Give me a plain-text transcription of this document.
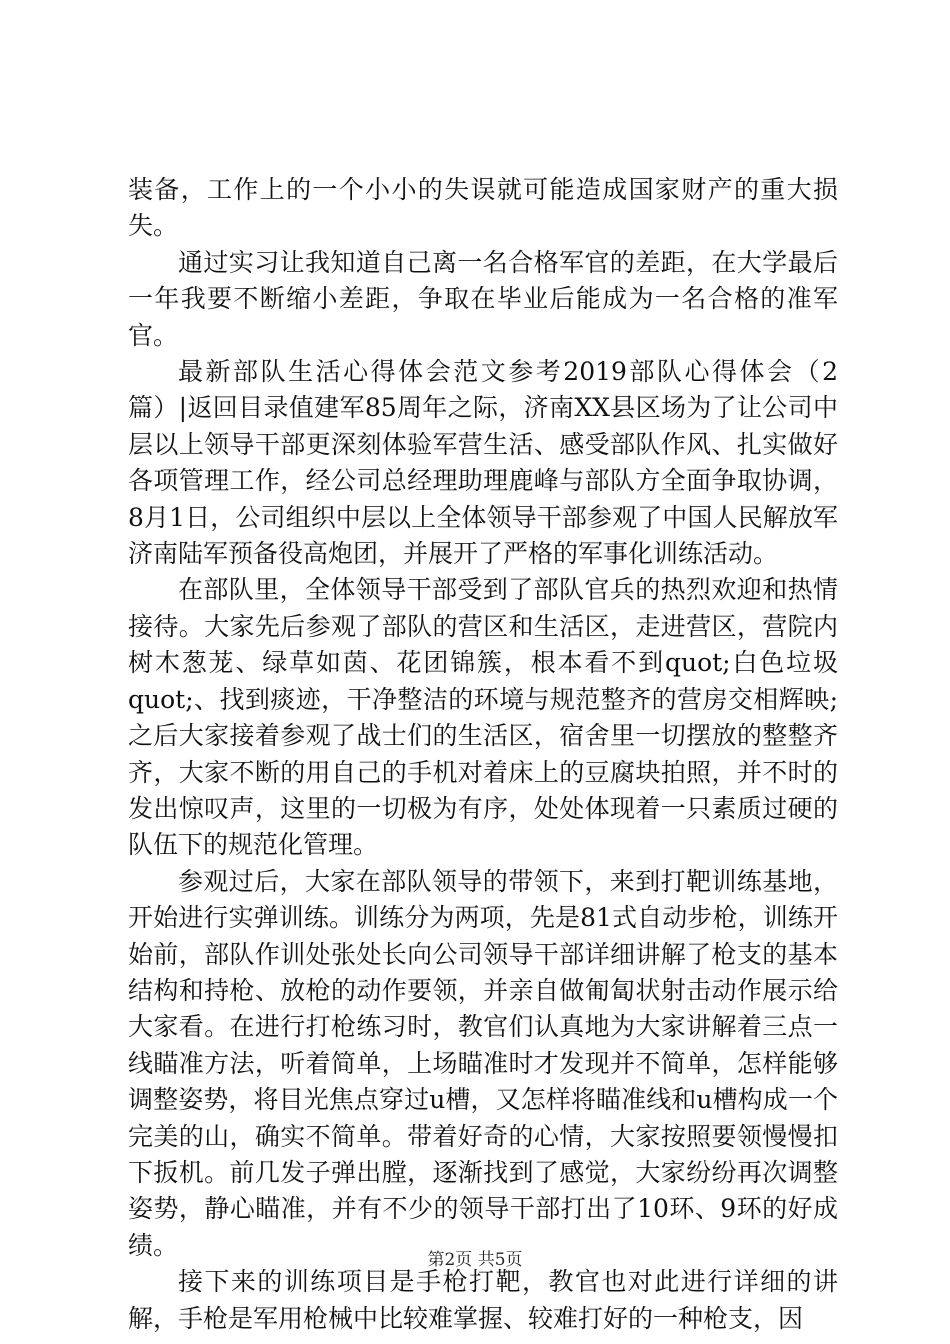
装备，工作上的一个小小的失误就可能造成国家财产的重大损失。

通过实习让我知道自己离一名合格军官的差距，在大学最后一年我要不断缩小差距，争取在毕业后能成为一名合格的准军官。

最新部队生活心得体会范文参考2019部队心得体会（2篇）|返回目录值建军85周年之际，济南XX县区场为了让公司中层以上领导干部更深刻体验军营生活、感受部队作风、扎实做好各项管理工作，经公司总经理助理鹿峰与部队方全面争取协调，8月1日，公司组织中层以上全体领导干部参观了中国人民解放军济南陆军预备役高炮团，并展开了严格的军事化训练活动。

在部队里，全体领导干部受到了部队官兵的热烈欢迎和热情接待。大家先后参观了部队的营区和生活区，走进营区，营院内树木葱茏、绿草如茵、花团锦簇，根本看不到quot;白色垃圾quot;、找到痰迹，干净整洁的环境与规范整齐的营房交相辉映;之后大家接着参观了战士们的生活区，宿舍里一切摆放的整整齐齐，大家不断的用自己的手机对着床上的豆腐块拍照，并不时的发出惊叹声，这里的一切极为有序，处处体现着一只素质过硬的队伍下的规范化管理。

参观过后，大家在部队领导的带领下，来到打靶训练基地，开始进行实弹训练。训练分为两项，先是81式自动步枪，训练开始前，部队作训处张处长向公司领导干部详细讲解了枪支的基本结构和持枪、放枪的动作要领，并亲自做匍匐状射击动作展示给大家看。在进行打枪练习时，教官们认真地为大家讲解着三点一线瞄准方法，听着简单，上场瞄准时才发现并不简单，怎样能够调整姿势，将目光焦点穿过u槽，又怎样将瞄准线和u槽构成一个完美的山，确实不简单。带着好奇的心情，大家按照要领慢慢扣下扳机。前几发子弹出膛，逐渐找到了感觉，大家纷纷再次调整姿势，静心瞄准，并有不少的领导干部打出了10环、9环的好成绩。

接下来的训练项目是手枪打靶，教官也对此进行详细的讲解，手枪是军用枪械中比较难掌握、较难打好的一种枪支，因

第2页 共5页
